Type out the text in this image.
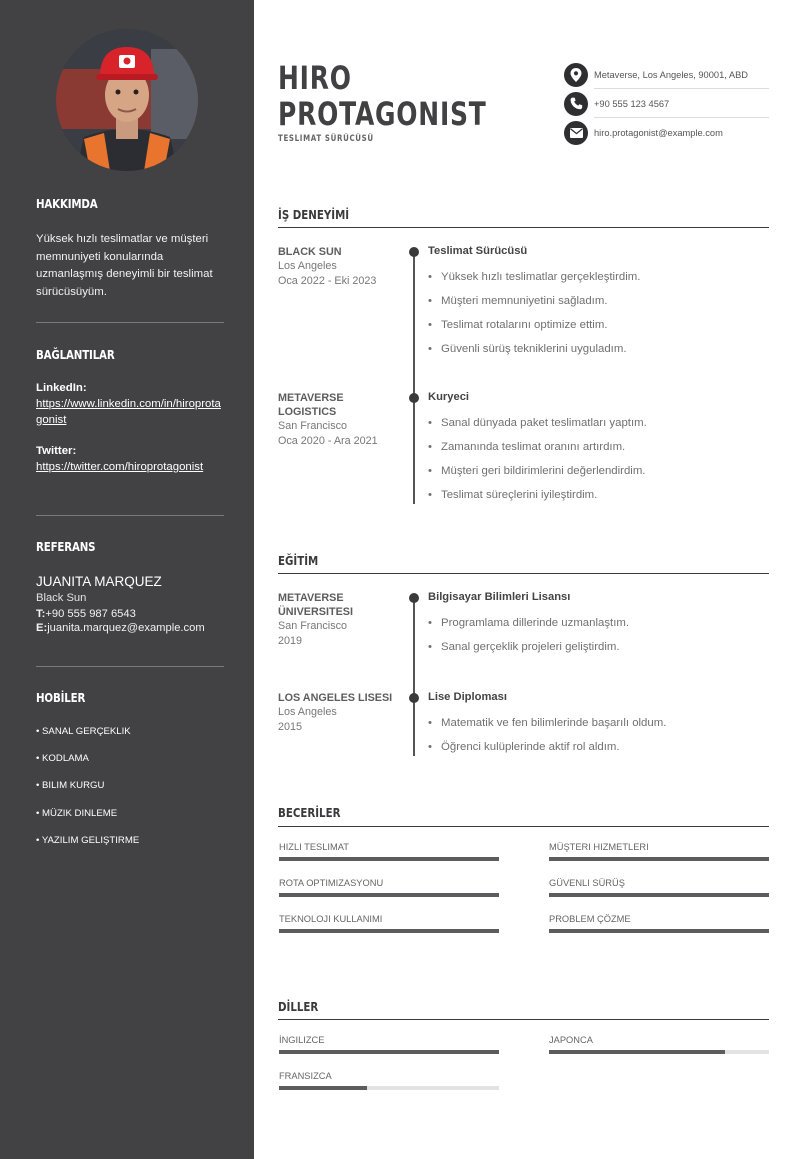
HAKKIMDA
Yüksek hızlı teslimatlar ve müşteri memnuniyeti konularında uzmanlaşmış deneyimli bir teslimat sürücüsüyüm.
BAĞLANTILAR
LinkedIn:
https://www.linkedin.com/in/hiroprotagonist
Twitter:
https://twitter.com/hiroprotagonist
REFERANS
JUANITA MARQUEZ
Black Sun
T:+90 555 987 6543
E:juanita.marquez@example.com
HOBİLER
• SANAL GERÇEKLIK
• KODLAMA
• BILIM KURGU
• MÜZIK DINLEME
• YAZILIM GELIŞTIRME
HIRO
PROTAGONIST
TESLIMAT SÜRÜCÜSÜ
Metaverse, Los Angeles, 90001, ABD
+90 555 123 4567
hiro.protagonist@example.com
İŞ DENEYİMİ
BLACK SUN
Los Angeles
Oca 2022 - Eki 2023
Teslimat Sürücüsü
• Yüksek hızlı teslimatlar gerçekleştirdim.
• Müşteri memnuniyetini sağladım.
• Teslimat rotalarını optimize ettim.
• Güvenli sürüş tekniklerini uyguladım.
METAVERSE
LOGISTICS
San Francisco
Oca 2020 - Ara 2021
Kuryeci
• Sanal dünyada paket teslimatları yaptım.
• Zamanında teslimat oranını artırdım.
• Müşteri geri bildirimlerini değerlendirdim.
• Teslimat süreçlerini iyileştirdim.
EĞİTİM
METAVERSE
ÜNIVERSITESI
San Francisco
2019
Bilgisayar Bilimleri Lisansı
• Programlama dillerinde uzmanlaştım.
• Sanal gerçeklik projeleri geliştirdim.
LOS ANGELES LISESI
Los Angeles
2015
Lise Diploması
• Matematik ve fen bilimlerinde başarılı oldum.
• Öğrenci kulüplerinde aktif rol aldım.
BECERİLER
HIZLI TESLIMAT	MÜŞTERI HIZMETLERI
ROTA OPTIMIZASYONU	GÜVENLI SÜRÜŞ
TEKNOLOJI KULLANIMI	PROBLEM ÇÖZME
DİLLER
İNGILIZCE	JAPONCA
FRANSIZCA
